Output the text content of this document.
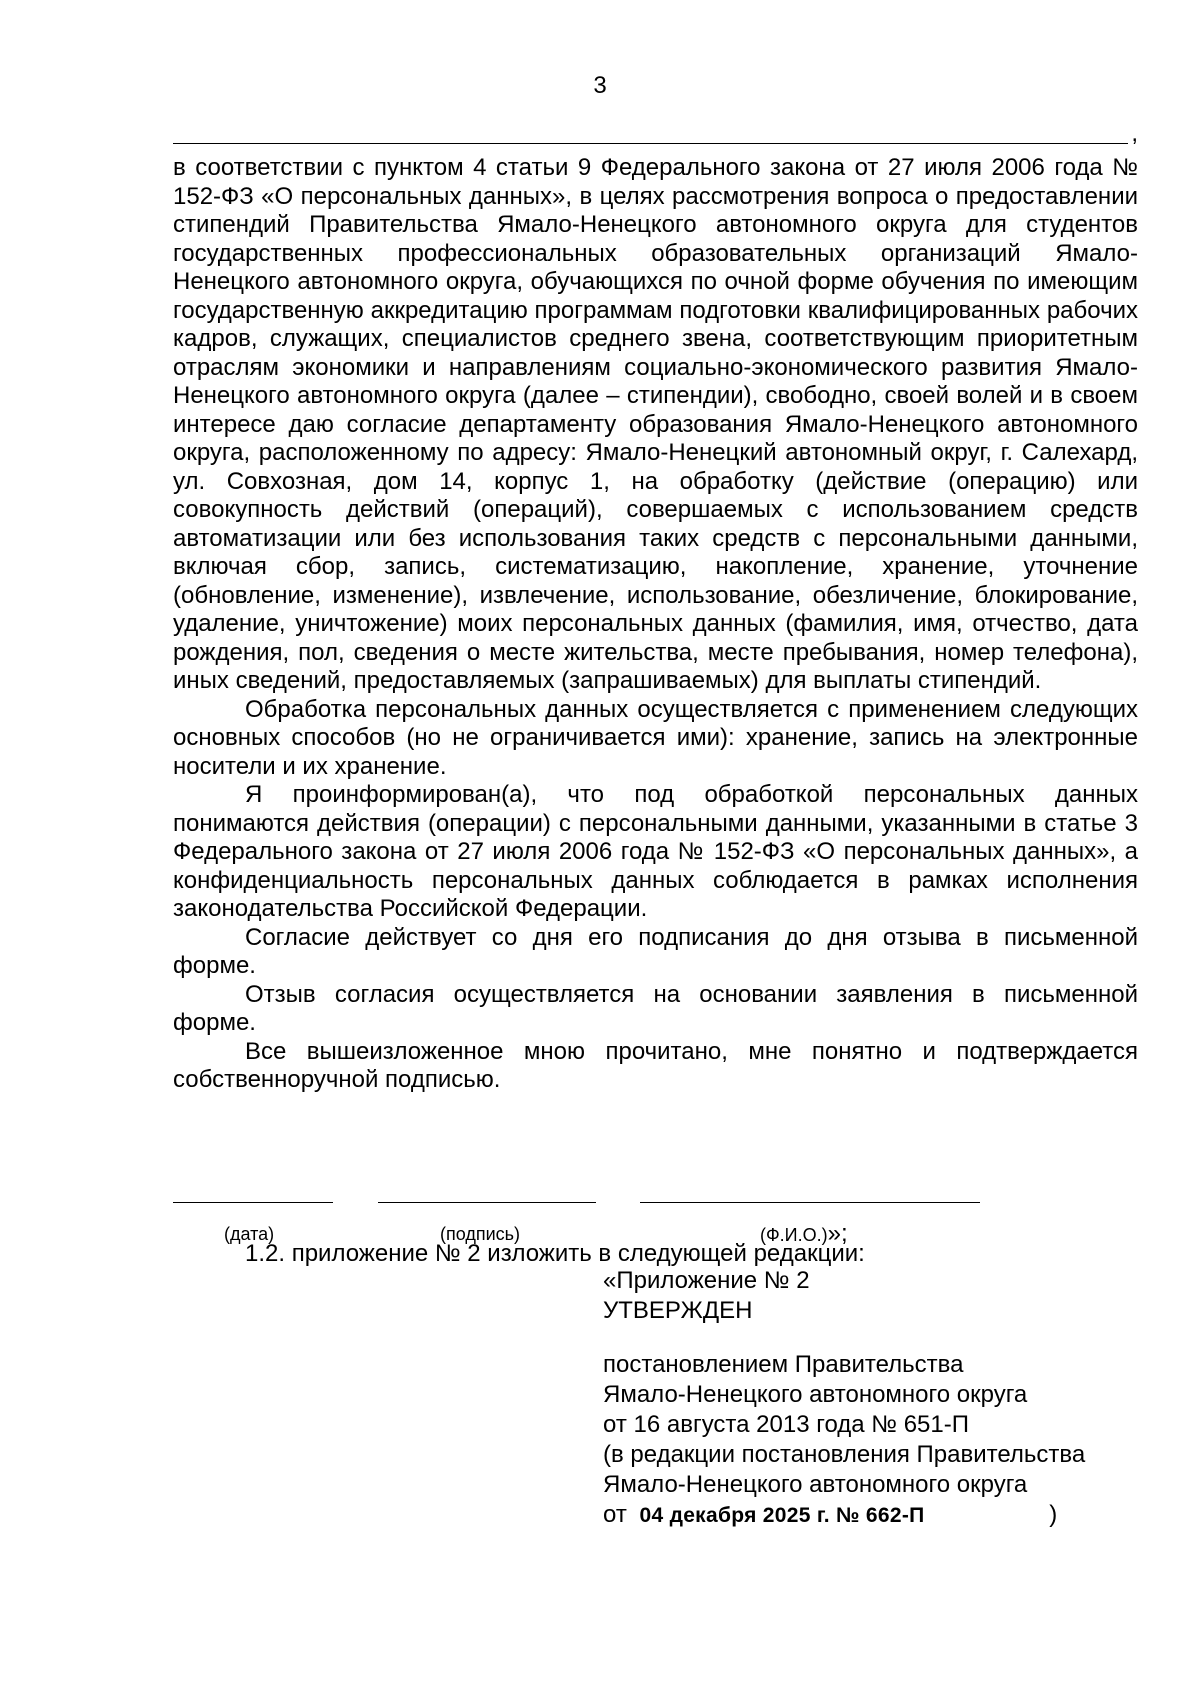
3
,

в соответствии с пунктом 4 статьи 9 Федерального закона от 27 июля 2006 года № 152-ФЗ «О персональных данных», в целях рассмотрения вопроса о предоставлении стипендий Правительства Ямало-Ненецкого автономного округа для студентов государственных профессиональных образовательных организаций Ямало-Ненецкого автономного округа, обучающихся по очной форме обучения по имеющим государственную аккредитацию программам подготовки квалифицированных рабочих кадров, служащих, специалистов среднего звена, соответствующим приоритетным отраслям экономики и направлениям социально-экономического развития Ямало-Ненецкого автономного округа (далее – стипендии), свободно, своей волей и в своем интересе даю согласие департаменту образования Ямало-Ненецкого автономного округа, расположенному по адресу: Ямало-Ненецкий автономный округ, г. Салехард, ул. Совхозная, дом 14, корпус 1, на обработку (действие (операцию) или совокупность действий (операций), совершаемых с использованием средств автоматизации или без использования таких средств с персональными данными, включая сбор, запись, систематизацию, накопление, хранение, уточнение (обновление, изменение), извлечение, использование, обезличение, блокирование, удаление, уничтожение) моих персональных данных (фамилия, имя, отчество, дата рождения, пол, сведения о месте жительства, месте пребывания, номер телефона), иных сведений, предоставляемых (запрашиваемых) для выплаты стипендий.

Обработка персональных данных осуществляется с применением следующих основных способов (но не ограничивается ими): хранение, запись на электронные носители и их хранение.

Я проинформирован(а), что под обработкой персональных данных понимаются действия (операции) с персональными данными, указанными в статье 3 Федерального закона от 27 июля 2006 года № 152-ФЗ «О персональных данных», а конфиденциальность персональных данных соблюдается в рамках исполнения законодательства Российской Федерации.

Согласие действует со дня его подписания до дня отзыва в письменной форме.

Отзыв согласия осуществляется на основании заявления в письменной форме.

Все вышеизложенное мною прочитано, мне понятно и подтверждается собственноручной подписью.

(дата)	(подпись)	(Ф.И.О.)»;
1.2. приложение № 2 изложить в следующей редакции:
«Приложение № 2
УТВЕРЖДЕН
постановлением Правительства
Ямало-Ненецкого автономного округа
от 16 августа 2013 года № 651-П
(в редакции постановления Правительства
Ямало-Ненецкого автономного округа
от 04 декабря 2025 г. № 662-П	)
